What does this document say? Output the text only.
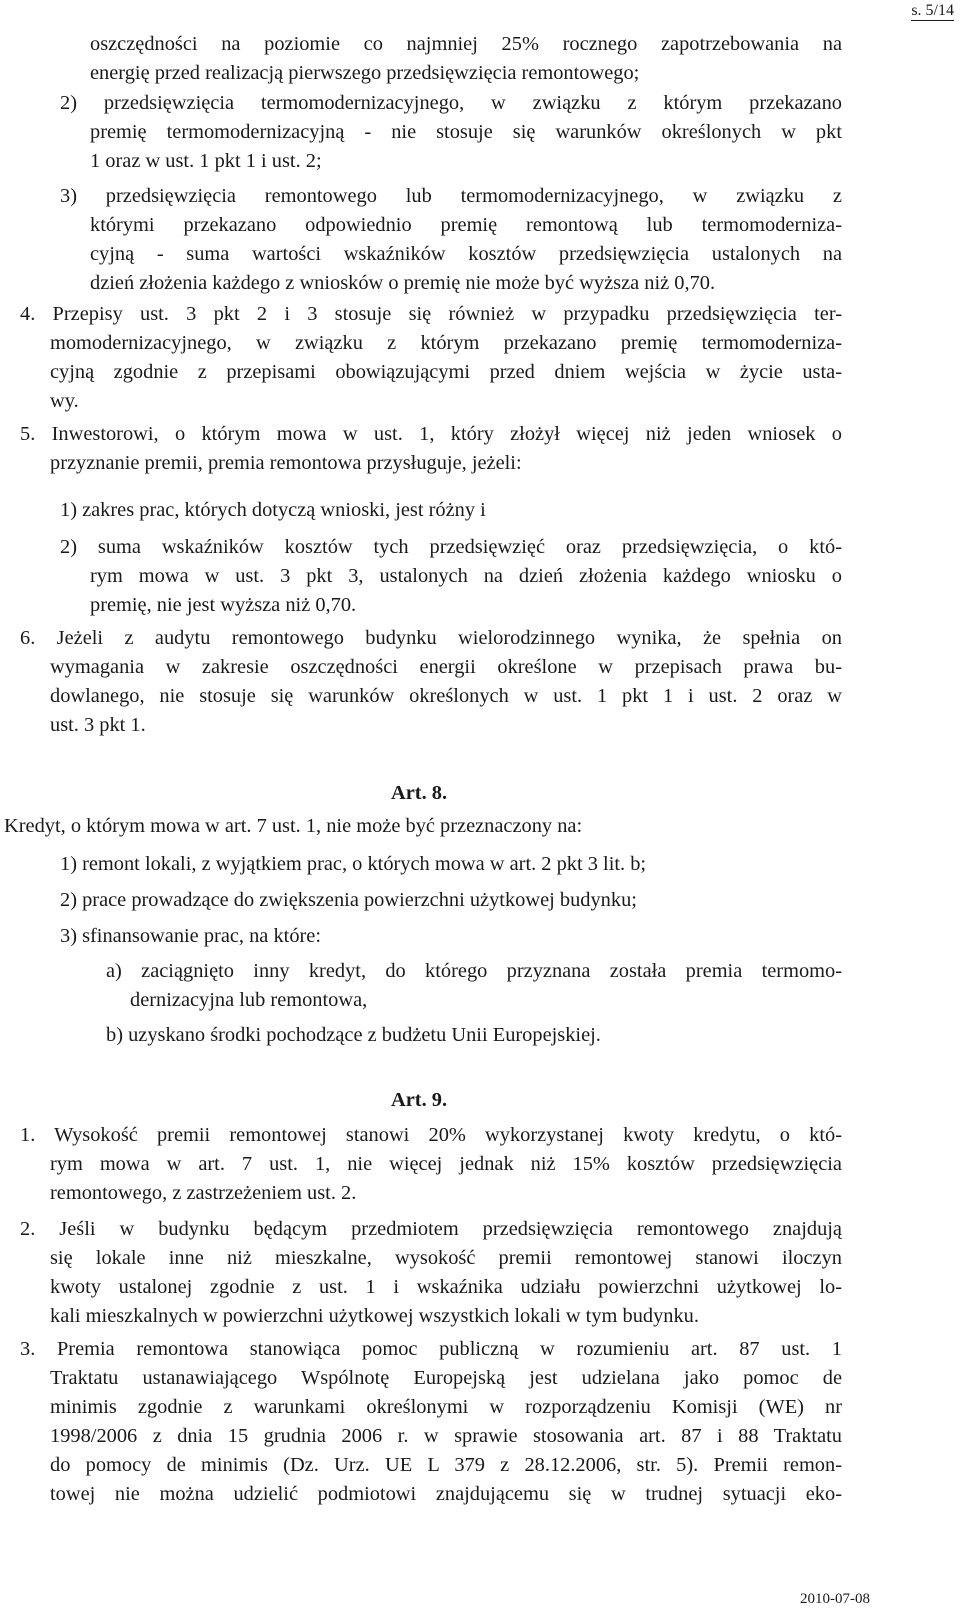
s. 5/14
oszczędności na poziomie co najmniej 25% rocznego zapotrzebowania na
energię przed realizacją pierwszego przedsięwzięcia remontowego;
2) przedsięwzięcia termomodernizacyjnego, w związku z którym przekazano
premię termomodernizacyjną - nie stosuje się warunków określonych w pkt
1 oraz w ust. 1 pkt 1 i ust. 2;
3) przedsięwzięcia remontowego lub termomodernizacyjnego, w związku z
którymi przekazano odpowiednio premię remontową lub termomoderniza-
cyjną - suma wartości wskaźników kosztów przedsięwzięcia ustalonych na
dzień złożenia każdego z wniosków o premię nie może być wyższa niż 0,70.
4. Przepisy ust. 3 pkt 2 i 3 stosuje się również w przypadku przedsięwzięcia ter-
momodernizacyjnego, w związku z którym przekazano premię termomoderniza-
cyjną zgodnie z przepisami obowiązującymi przed dniem wejścia w życie usta-
wy.
5. Inwestorowi, o którym mowa w ust. 1, który złożył więcej niż jeden wniosek o
przyznanie premii, premia remontowa przysługuje, jeżeli:
1) zakres prac, których dotyczą wnioski, jest różny i
2) suma wskaźników kosztów tych przedsięwzięć oraz przedsięwzięcia, o któ-
rym mowa w ust. 3 pkt 3, ustalonych na dzień złożenia każdego wniosku o
premię, nie jest wyższa niż 0,70.
6. Jeżeli z audytu remontowego budynku wielorodzinnego wynika, że spełnia on
wymagania w zakresie oszczędności energii określone w przepisach prawa bu-
dowlanego, nie stosuje się warunków określonych w ust. 1 pkt 1 i ust. 2 oraz w
ust. 3 pkt 1.
Art. 8.
Kredyt, o którym mowa w art. 7 ust. 1, nie może być przeznaczony na:
1) remont lokali, z wyjątkiem prac, o których mowa w art. 2 pkt 3 lit. b;
2) prace prowadzące do zwiększenia powierzchni użytkowej budynku;
3) sfinansowanie prac, na które:
a) zaciągnięto inny kredyt, do którego przyznana została premia termomo-
dernizacyjna lub remontowa,
b) uzyskano środki pochodzące z budżetu Unii Europejskiej.
Art. 9.
1. Wysokość premii remontowej stanowi 20% wykorzystanej kwoty kredytu, o któ-
rym mowa w art. 7 ust. 1, nie więcej jednak niż 15% kosztów przedsięwzięcia
remontowego, z zastrzeżeniem ust. 2.
2. Jeśli w budynku będącym przedmiotem przedsięwzięcia remontowego znajdują
się lokale inne niż mieszkalne, wysokość premii remontowej stanowi iloczyn
kwoty ustalonej zgodnie z ust. 1 i wskaźnika udziału powierzchni użytkowej lo-
kali mieszkalnych w powierzchni użytkowej wszystkich lokali w tym budynku.
3. Premia remontowa stanowiąca pomoc publiczną w rozumieniu art. 87 ust. 1
Traktatu ustanawiającego Wspólnotę Europejską jest udzielana jako pomoc de
minimis zgodnie z warunkami określonymi w rozporządzeniu Komisji (WE) nr
1998/2006 z dnia 15 grudnia 2006 r. w sprawie stosowania art. 87 i 88 Traktatu
do pomocy de minimis (Dz. Urz. UE L 379 z 28.12.2006, str. 5). Premii remon-
towej nie można udzielić podmiotowi znajdującemu się w trudnej sytuacji eko-
2010-07-08
